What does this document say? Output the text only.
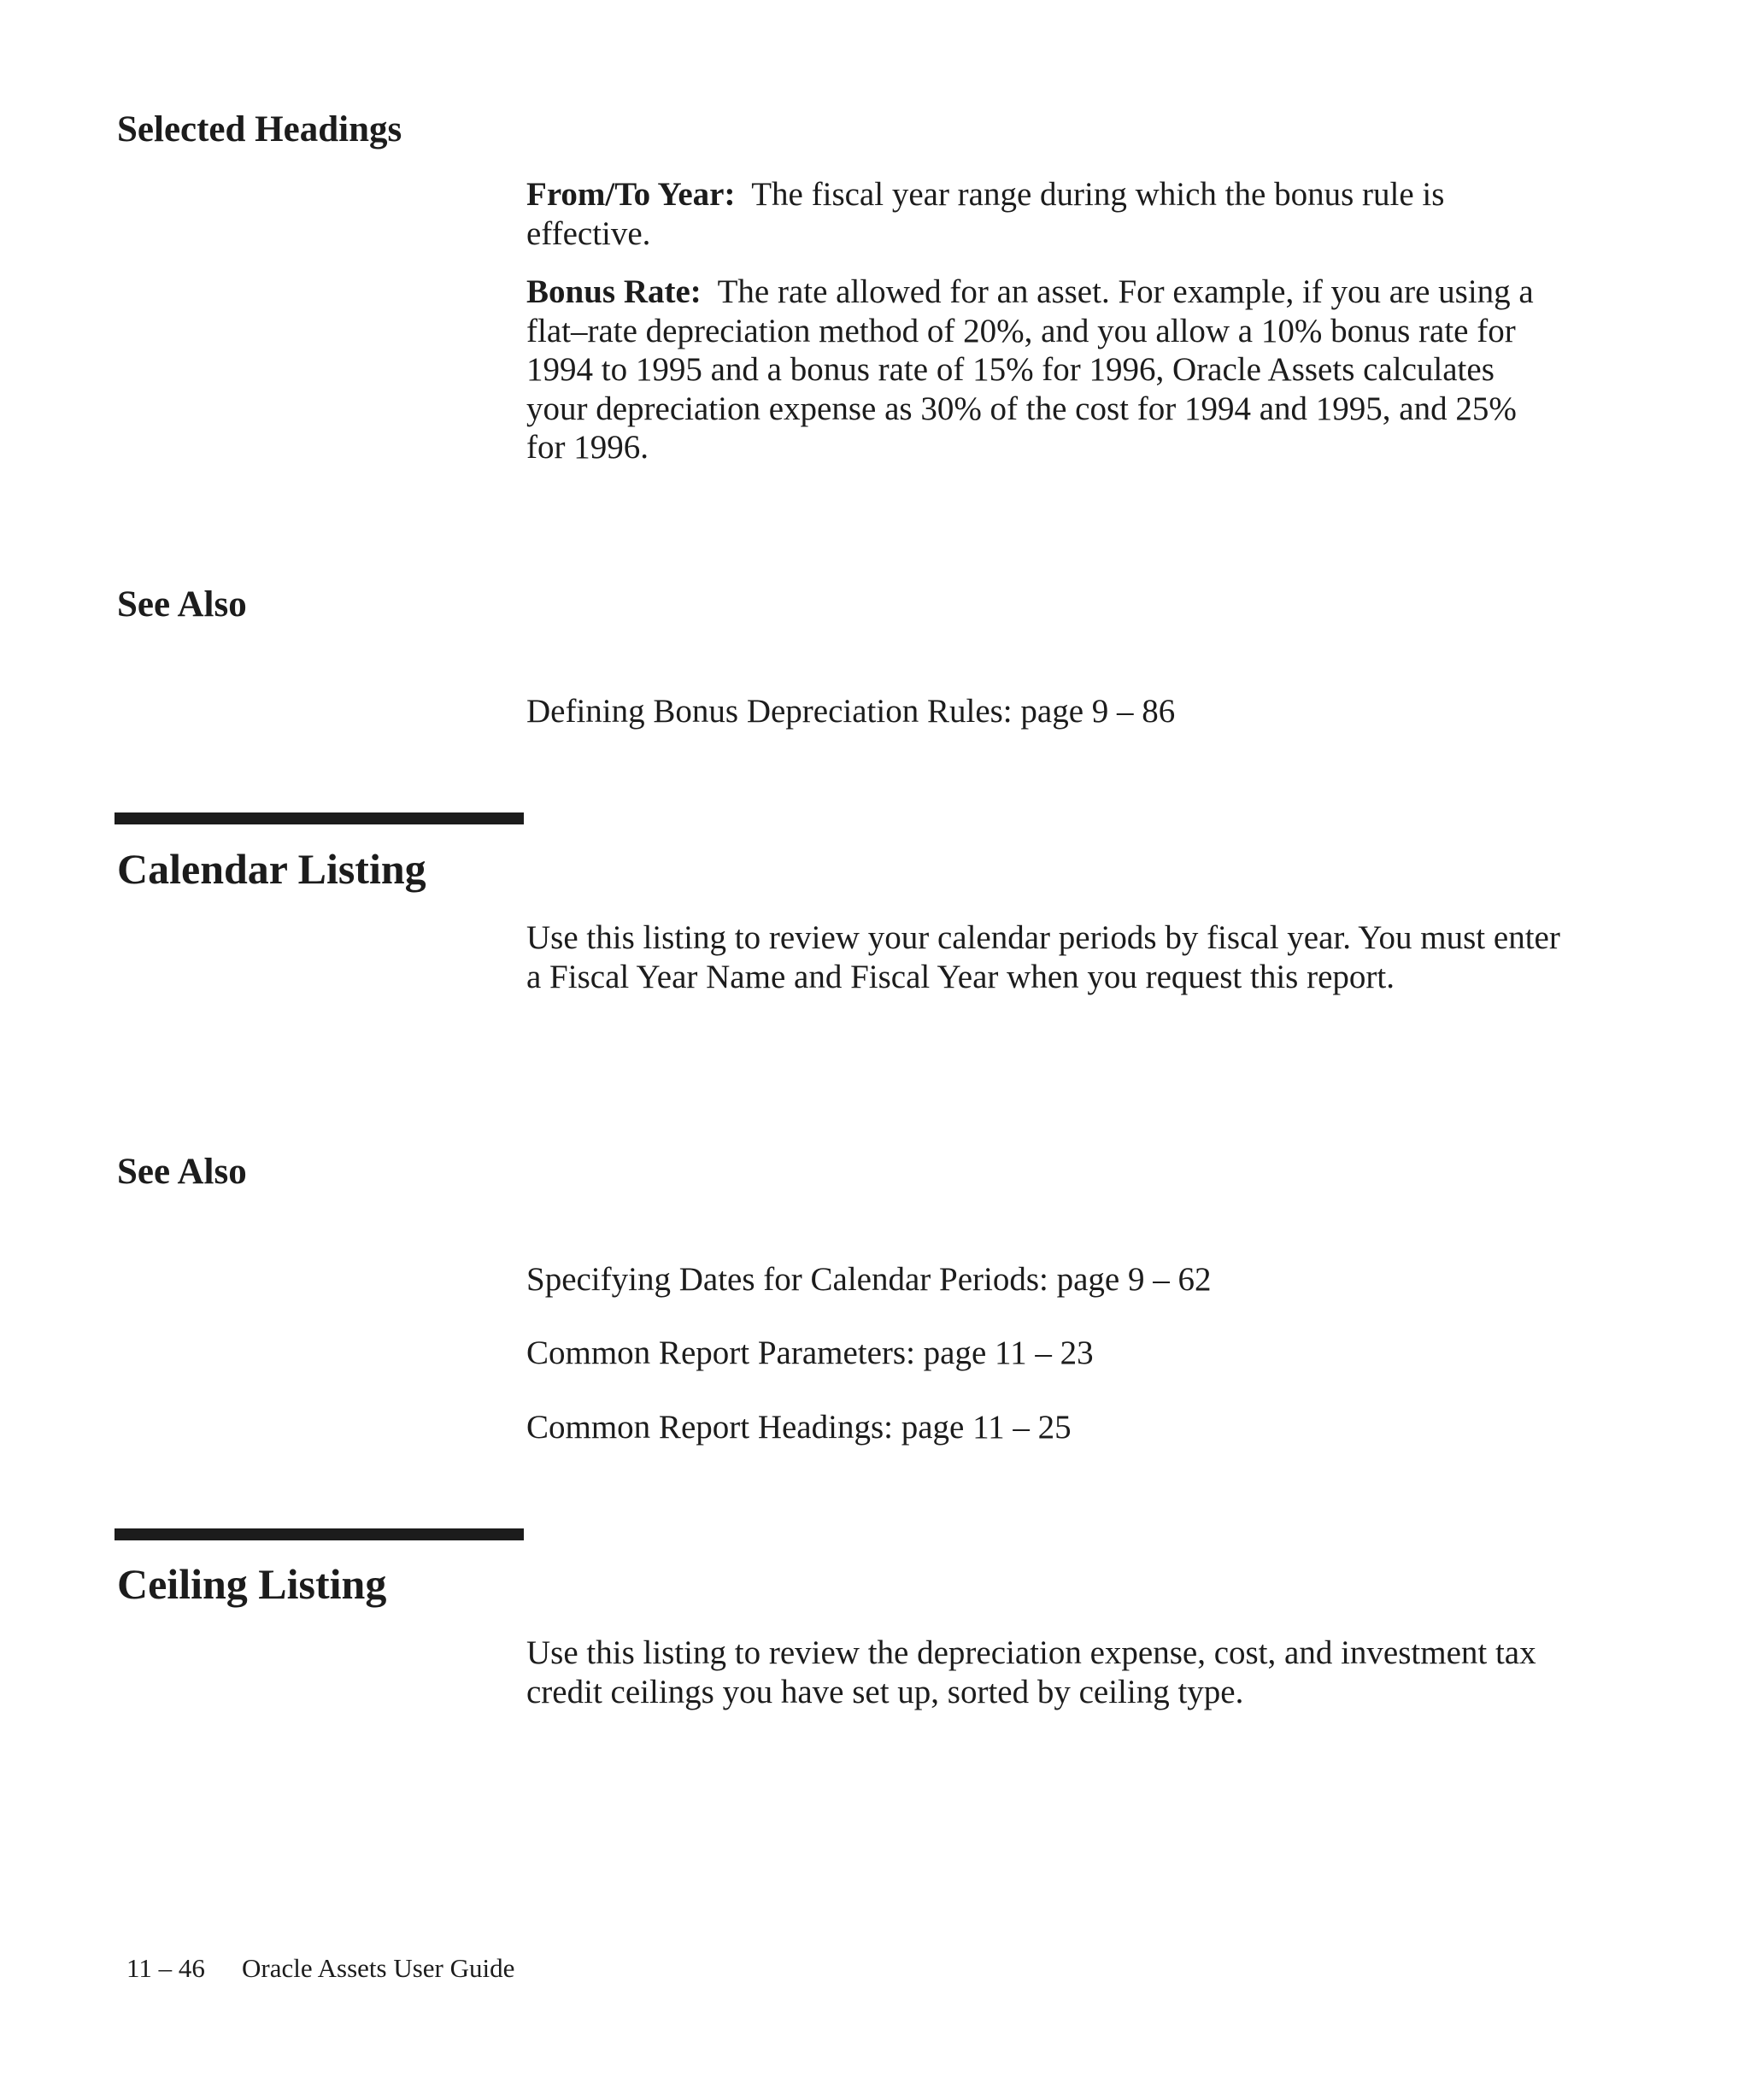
Selected Headings

From/To Year: The fiscal year range during which the bonus rule is effective.

Bonus Rate: The rate allowed for an asset. For example, if you are using a flat–rate depreciation method of 20%, and you allow a 10% bonus rate for 1994 to 1995 and a bonus rate of 15% for 1996, Oracle Assets calculates your depreciation expense as 30% of the cost for 1994 and 1995, and 25% for 1996.

See Also
Defining Bonus Depreciation Rules: page 9 – 86
Calendar Listing

Use this listing to review your calendar periods by fiscal year. You must enter a Fiscal Year Name and Fiscal Year when you request this report.

See Also
Specifying Dates for Calendar Periods: page 9 – 62
Common Report Parameters: page 11 – 23
Common Report Headings: page 11 – 25
Ceiling Listing

Use this listing to review the depreciation expense, cost, and investment tax credit ceilings you have set up, sorted by ceiling type.

11 – 46 Oracle Assets User Guide
